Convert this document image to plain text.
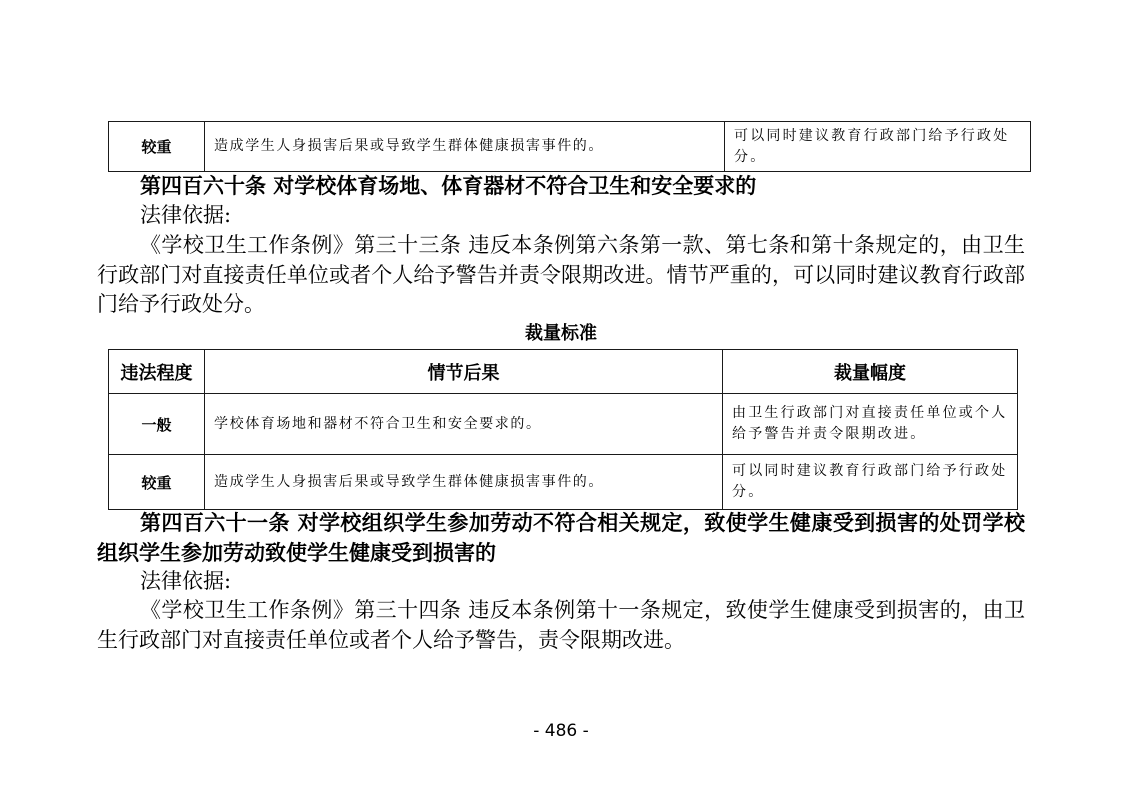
较重	造成学生人身损害后果或导致学生群体健康损害事件的。	可以同时建议教育行政部门给予行政处分。
第四百六十条 对学校体育场地、体育器材不符合卫生和安全要求的
法律依据:
《学校卫生工作条例》第三十三条 违反本条例第六条第一款、第七条和第十条规定的，由卫生
行政部门对直接责任单位或者个人给予警告并责令限期改进。情节严重的，可以同时建议教育行政部
门给予行政处分。
裁量标准
违法程度	情节后果	裁量幅度
一般	学校体育场地和器材不符合卫生和安全要求的。	由卫生行政部门对直接责任单位或个人给予警告并责令限期改进。
较重	造成学生人身损害后果或导致学生群体健康损害事件的。	可以同时建议教育行政部门给予行政处分。
第四百六十一条 对学校组织学生参加劳动不符合相关规定，致使学生健康受到损害的处罚学校
组织学生参加劳动致使学生健康受到损害的
法律依据:
《学校卫生工作条例》第三十四条 违反本条例第十一条规定，致使学生健康受到损害的，由卫
生行政部门对直接责任单位或者个人给予警告，责令限期改进。
- 486 -
